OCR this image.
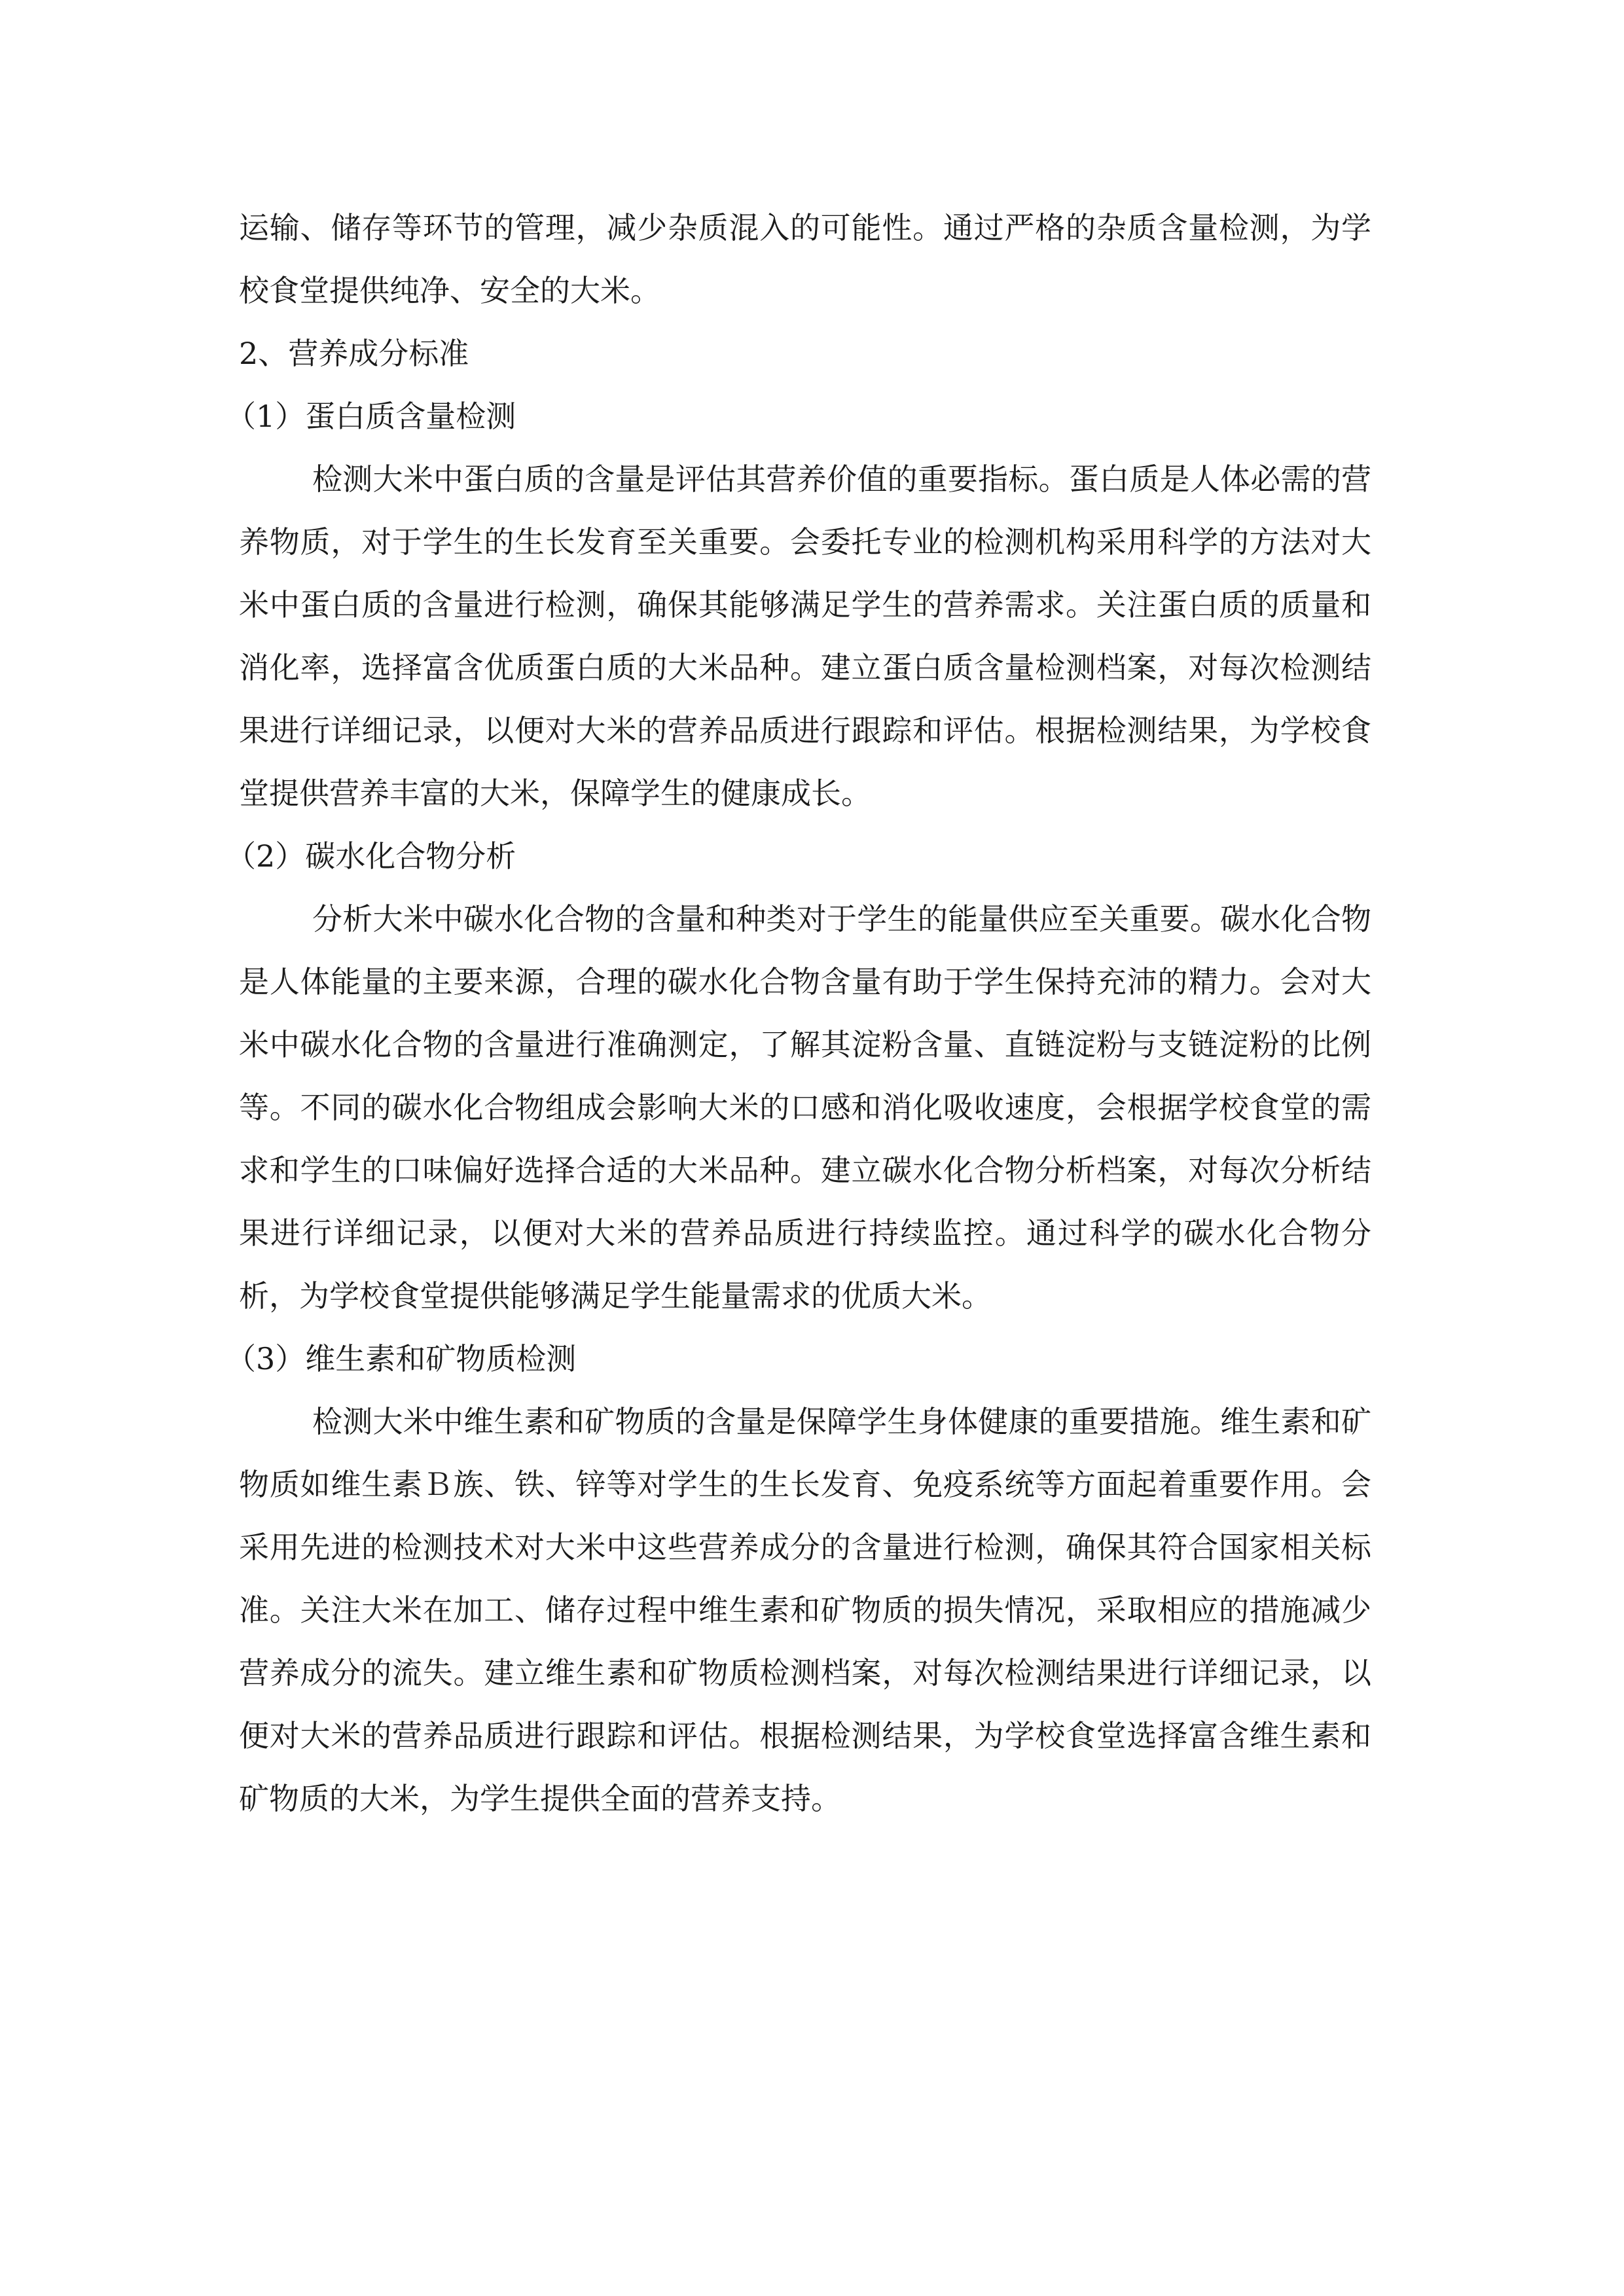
运输、储存等环节的管理，减少杂质混入的可能性。通过严格的杂质含量检测，为学校食堂提供纯净、安全的大米。

2、营养成分标准

（1）蛋白质含量检测

检测大米中蛋白质的含量是评估其营养价值的重要指标。蛋白质是人体必需的营养物质，对于学生的生长发育至关重要。会委托专业的检测机构采用科学的方法对大米中蛋白质的含量进行检测，确保其能够满足学生的营养需求。关注蛋白质的质量和消化率，选择富含优质蛋白质的大米品种。建立蛋白质含量检测档案，对每次检测结果进行详细记录，以便对大米的营养品质进行跟踪和评估。根据检测结果，为学校食堂提供营养丰富的大米，保障学生的健康成长。

（2）碳水化合物分析

分析大米中碳水化合物的含量和种类对于学生的能量供应至关重要。碳水化合物是人体能量的主要来源，合理的碳水化合物含量有助于学生保持充沛的精力。会对大米中碳水化合物的含量进行准确测定，了解其淀粉含量、直链淀粉与支链淀粉的比例等。不同的碳水化合物组成会影响大米的口感和消化吸收速度，会根据学校食堂的需求和学生的口味偏好选择合适的大米品种。建立碳水化合物分析档案，对每次分析结果进行详细记录，以便对大米的营养品质进行持续监控。通过科学的碳水化合物分析，为学校食堂提供能够满足学生能量需求的优质大米。

（3）维生素和矿物质检测

检测大米中维生素和矿物质的含量是保障学生身体健康的重要措施。维生素和矿物质如维生素Ｂ族、铁、锌等对学生的生长发育、免疫系统等方面起着重要作用。会采用先进的检测技术对大米中这些营养成分的含量进行检测，确保其符合国家相关标准。关注大米在加工、储存过程中维生素和矿物质的损失情况，采取相应的措施减少营养成分的流失。建立维生素和矿物质检测档案，对每次检测结果进行详细记录，以便对大米的营养品质进行跟踪和评估。根据检测结果，为学校食堂选择富含维生素和矿物质的大米，为学生提供全面的营养支持。
